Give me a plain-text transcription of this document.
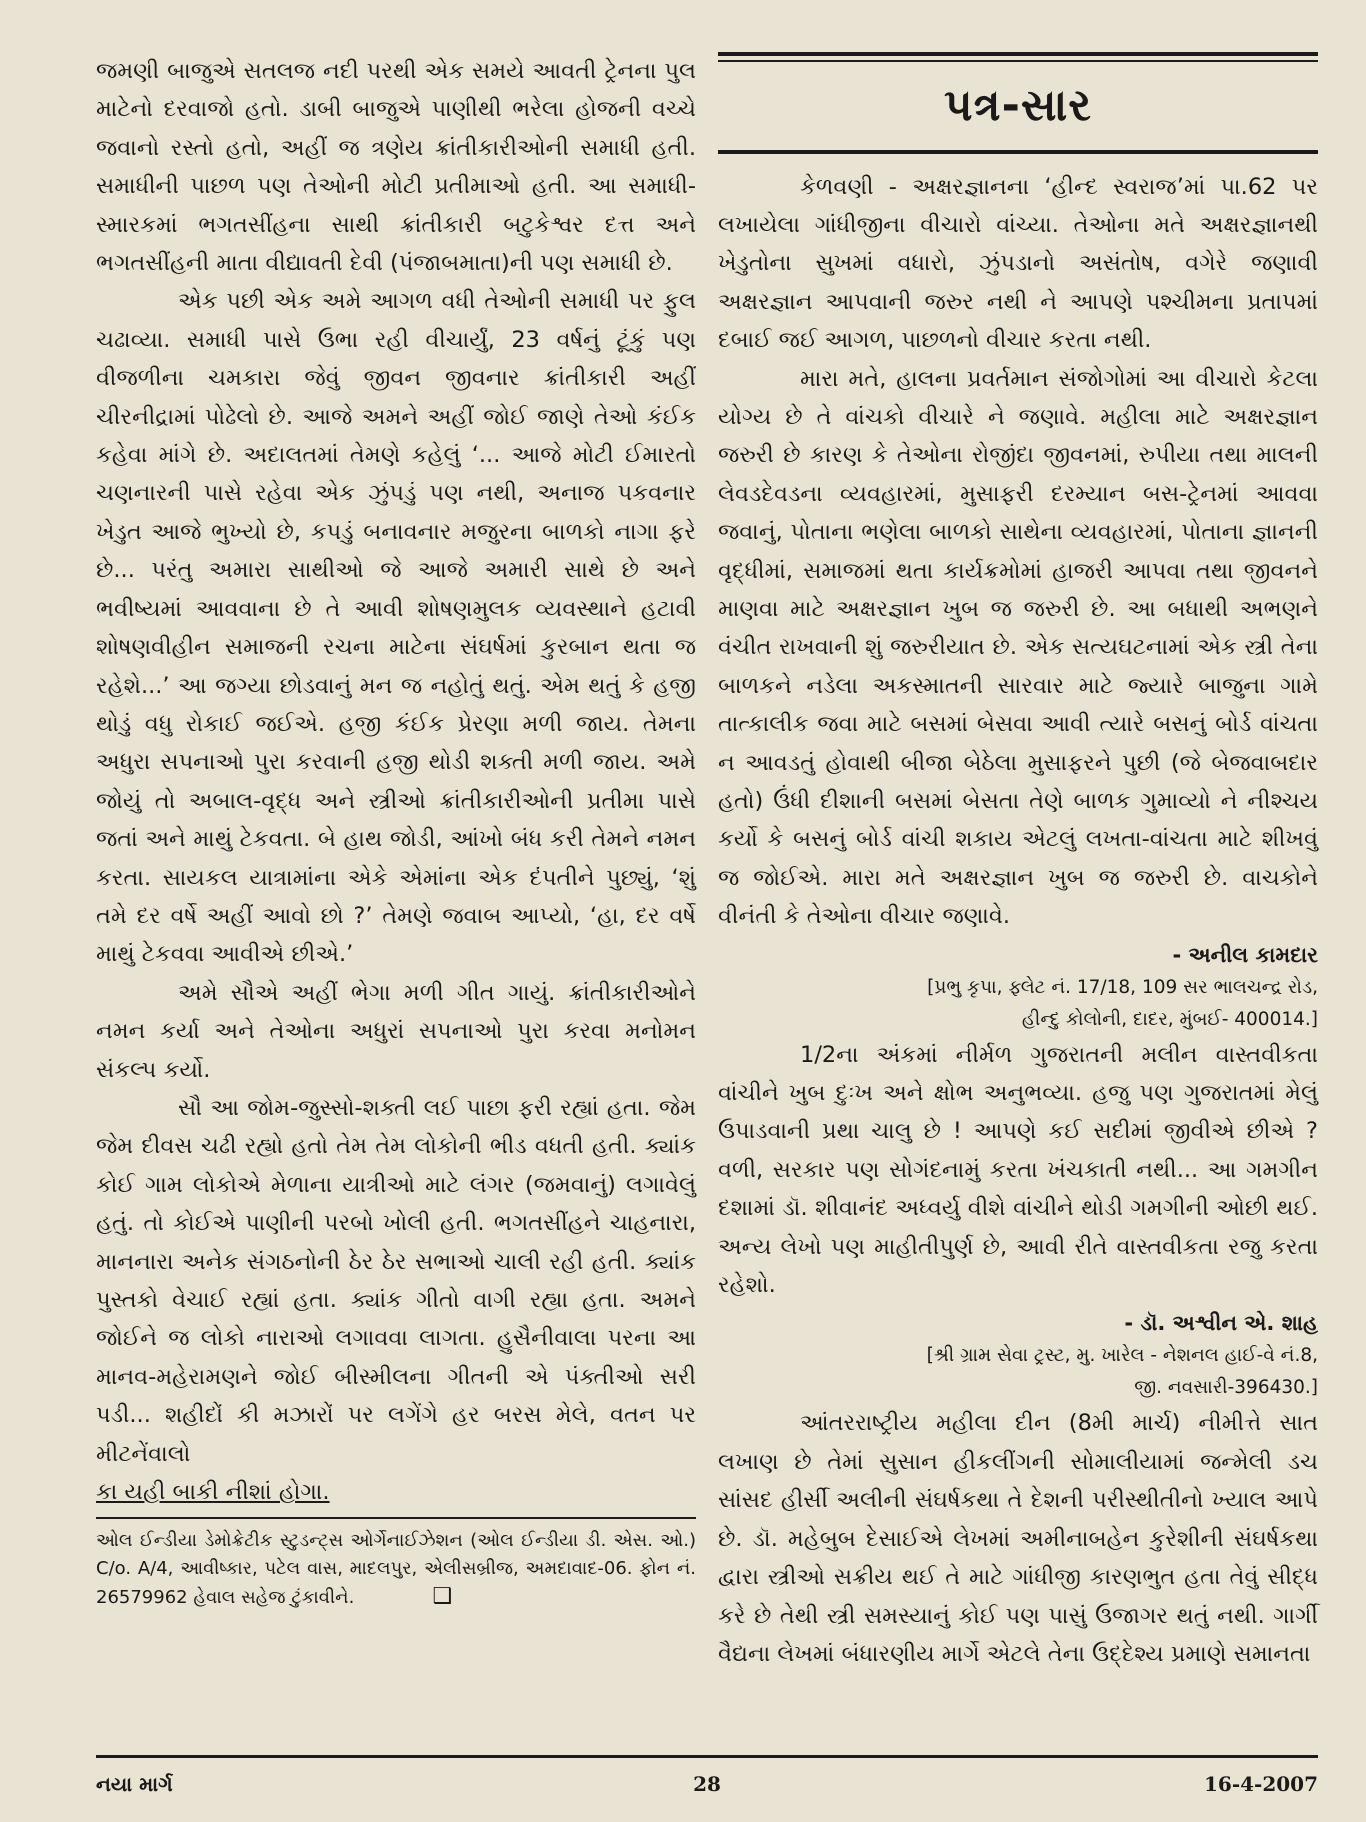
જમણી બાજુએ સતલજ નદી પરથી એક સમયે આવતી ટ્રેનના પુલ માટેનો દરવાજો હતો. ડાબી બાજુએ પાણીથી ભરેલા હોજની વચ્ચે જવાનો રસ્તો હતો, અહીં જ ત્રણેય ક્રાંતીકારીઓની સમાધી હતી. સમાધીની પાછળ પણ તેઓની મોટી પ્રતીમાઓ હતી. આ સમાધી-સ્મારકમાં ભગતસીંહના સાથી ક્રાંતીકારી બટુકેશ્વર દત્ત અને ભગતસીંહની માતા વીદ્યાવતી દેવી (પંજાબમાતા)ની પણ સમાધી છે.

એક પછી એક અમે આગળ વધી તેઓની સમાધી પર ફુલ ચઢાવ્યા. સમાધી પાસે ઉભા રહી વીચાર્યું, 23 વર્ષનું ટૂંકું પણ વીજળીના ચમકારા જેવું જીવન જીવનાર ક્રાંતીકારી અહીં ચીરનીદ્રામાં પોઢેલો છે. આજે અમને અહીં જોઈ જાણે તેઓ કંઈક કહેવા માંગે છે. અદાલતમાં તેમણે કહેલું ‘... આજે મોટી ઈમારતો ચણનારની પાસે રહેવા એક ઝુંપડું પણ નથી, અનાજ પકવનાર ખેડુત આજે ભુખ્યો છે, કપડું બનાવનાર મજુરના બાળકો નાગા ફરે છે... પરંતુ અમારા સાથીઓ જે આજે અમારી સાથે છે અને ભવીષ્યમાં આવવાના છે તે આવી શોષણમુલક વ્યવસ્થાને હટાવી શોષણવીહીન સમાજની રચના માટેના સંઘર્ષમાં કુરબાન થતા જ રહેશે...’ આ જગ્યા છોડવાનું મન જ નહોતું થતું. એમ થતું કે હજી થોડું વધુ રોકાઈ જઈએ. હજી કંઈક પ્રેરણા મળી જાય. તેમના અધુરા સપનાઓ પુરા કરવાની હજી થોડી શક્તી મળી જાય. અમે જોયું તો અબાલ-વૃદ્ધ અને સ્ત્રીઓ ક્રાંતીકારીઓની પ્રતીમા પાસે જતાં અને માથું ટેકવતા. બે હાથ જોડી, આંખો બંધ કરી તેમને નમન કરતા. સાયકલ યાત્રામાંના એકે એમાંના એક દંપતીને પુછ્યું, ‘શું તમે દર વર્ષે અહીં આવો છો ?’ તેમણે જવાબ આપ્યો, ‘હા, દર વર્ષે માથું ટેકવવા આવીએ છીએ.’

અમે સૌએ અહીં ભેગા મળી ગીત ગાયું. ક્રાંતીકારીઓને નમન કર્યા અને તેઓના અધુરાં સપનાઓ પુરા કરવા મનોમન સંકલ્પ કર્યો.

સૌ આ જોમ-જુસ્સો-શક્તી લઈ પાછા ફરી રહ્યાં હતા. જેમ જેમ દીવસ ચઢી રહ્યો હતો તેમ તેમ લોકોની ભીડ વધતી હતી. ક્યાંક કોઈ ગામ લોકોએ મેળાના યાત્રીઓ માટે લંગર (જમવાનું) લગાવેલું હતું. તો કોઈએ પાણીની પરબો ખોલી હતી. ભગતસીંહને ચાહનારા, માનનારા અનેક સંગઠનોની ઠેર ઠેર સભાઓ ચાલી રહી હતી. ક્યાંક પુસ્તકો વેચાઈ રહ્યાં હતા. ક્યાંક ગીતો વાગી રહ્યા હતા. અમને જોઈને જ લોકો નારાઓ લગાવવા લાગતા. હુસૈનીવાલા પરના આ માનવ-મહેરામણને જોઈ બીસ્મીલના ગીતની એ પંક્તીઓ સરી પડી... શહીદોં કી મઝારોં પર લગેંગે હર બરસ મેલે, વતન પર મીટનેંવાલો

કા યહી બાકી નીશાં હોગા.

ઓલ ઈન્ડીયા ડેમોક્રેટીક સ્ટુડન્ટ્સ ઓર્ગેનાઈઝેશન (ઓલ ઈન્ડીયા ડી. એસ. ઓ.) C/o. A/4, આવીષ્કાર, પટેલ વાસ, માદલપુર, એલીસબ્રીજ, અમદાવાદ-06. ફોન નં. 26579962 હેવાલ સહેજ ટુંકાવીને.	❑
પત્ર-સાર

કેળવણી - અક્ષરજ્ઞાનના ‘હીન્દ સ્વરાજ’માં પા.62 પર લખાયેલા ગાંધીજીના વીચારો વાંચ્યા. તેઓના મતે અક્ષરજ્ઞાનથી ખેડુતોના સુખમાં વધારો, ઝુંપડાનો અસંતોષ, વગેરે જણાવી અક્ષરજ્ઞાન આપવાની જરુર નથી ને આપણે પશ્ચીમના પ્રતાપમાં દબાઈ જઈ આગળ, પાછળનો વીચાર કરતા નથી.

મારા મતે, હાલના પ્રવર્તમાન સંજોગોમાં આ વીચારો કેટલા યોગ્ય છે તે વાંચકો વીચારે ને જણાવે. મહીલા માટે અક્ષરજ્ઞાન જરુરી છે કારણ કે તેઓના રોજીંદા જીવનમાં, રુપીયા તથા માલની લેવડદેવડના વ્યવહારમાં, મુસાફરી દરમ્યાન બસ-ટ્રેનમાં આવવા જવાનું, પોતાના ભણેલા બાળકો સાથેના વ્યવહારમાં, પોતાના જ્ઞાનની વૃદ્ધીમાં, સમાજમાં થતા કાર્યક્રમોમાં હાજરી આપવા તથા જીવનને માણવા માટે અક્ષરજ્ઞાન ખુબ જ જરુરી છે. આ બધાથી અભણને વંચીત રાખવાની શું જરુરીયાત છે. એક સત્યઘટનામાં એક સ્ત્રી તેના બાળકને નડેલા અકસ્માતની સારવાર માટે જ્યારે બાજુના ગામે તાત્કાલીક જવા માટે બસમાં બેસવા આવી ત્યારે બસનું બોર્ડ વાંચતા ન આવડતું હોવાથી બીજા બેઠેલા મુસાફરને પુછી (જે બેજવાબદાર હતો) ઉંધી દીશાની બસમાં બેસતા તેણે બાળક ગુમાવ્યો ને નીશ્ચય કર્યો કે બસનું બોર્ડ વાંચી શકાય એટલું લખતા-વાંચતા માટે શીખવું જ જોઈએ. મારા મતે અક્ષરજ્ઞાન ખુબ જ જરુરી છે. વાચકોને વીનંતી કે તેઓના વીચાર જણાવે.

- અનીલ કામદાર
[પ્રભુ કૃપા, ફ્લેટ નં. 17/18, 109 સર ભાલચન્દ્ર રોડ,
હીન્દુ કોલોની, દાદર, મુંબઈ- 400014.]

1/2ના અંકમાં નીર્મળ ગુજરાતની મલીન વાસ્તવીકતા વાંચીને ખુબ દુઃખ અને ક્ષોભ અનુભવ્યા. હજુ પણ ગુજરાતમાં મેલું ઉપાડવાની પ્રથા ચાલુ છે ! આપણે કઈ સદીમાં જીવીએ છીએ ? વળી, સરકાર પણ સોગંદનામું કરતા ખંચકાતી નથી... આ ગમગીન દશામાં ડૉ. શીવાનંદ અધ્વર્યુ વીશે વાંચીને થોડી ગમગીની ઓછી થઈ. અન્ય લેખો પણ માહીતીપુર્ણ છે, આવી રીતે વાસ્તવીકતા રજુ કરતા રહેશો.

- ડૉ. અશ્વીન એ. શાહ
[શ્રી ગ્રામ સેવા ટ્રસ્ટ, મુ. ખારેલ - નેશનલ હાઈ-વે નં.8,
જી. નવસારી-396430.]

આંતરરાષ્ટ્રીય મહીલા દીન (8મી માર્ચ) નીમીત્તે સાત લખાણ છે તેમાં સુસાન હીકલીંગની સોમાલીયામાં જન્મેલી ડચ સાંસદ હીર્સી અલીની સંઘર્ષકથા તે દેશની પરીસ્થીતીનો ખ્યાલ આપે છે. ડૉ. મહેબુબ દેસાઈએ લેખમાં અમીનાબહેન કુરેશીની સંઘર્ષકથા દ્વારા સ્ત્રીઓ સક્રીય થઈ તે માટે ગાંધીજી કારણભુત હતા તેવું સીદ્ધ કરે છે તેથી સ્ત્રી સમસ્યાનું કોઈ પણ પાસું ઉજાગર થતું નથી. ગાર્ગી વૈદ્યના લેખમાં બંધારણીય માર્ગે એટલે તેના ઉદ્દેશ્ય પ્રમાણે સમાનતા

નયા માર્ગ	28	16-4-2007
